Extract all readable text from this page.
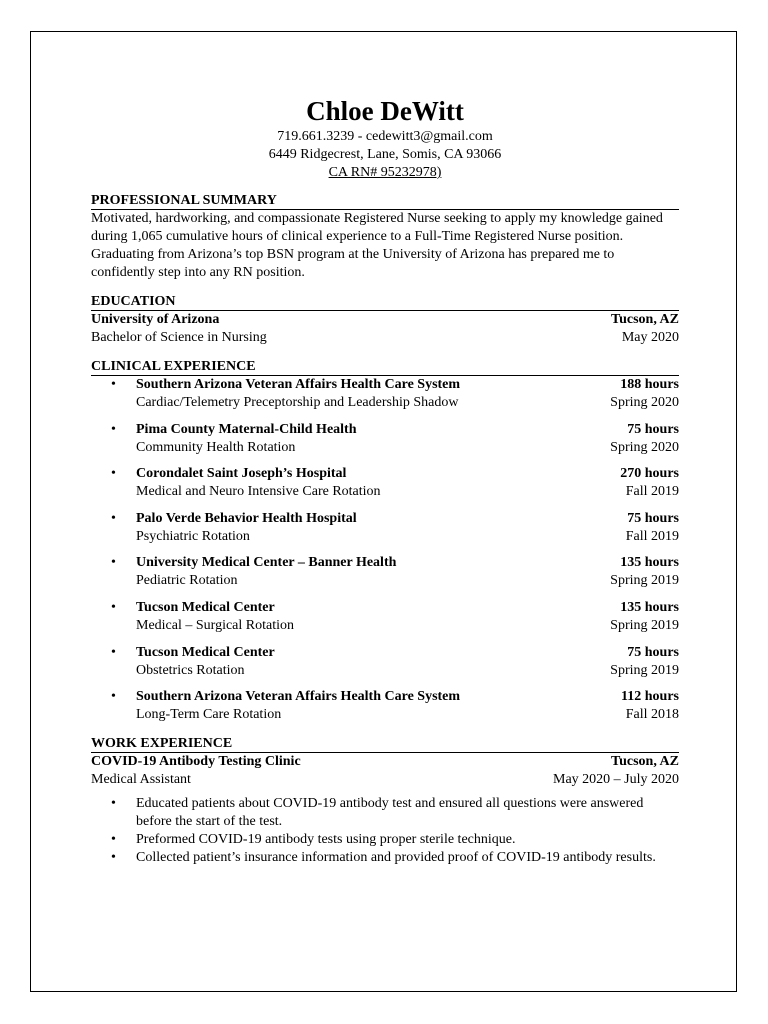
Chloe DeWitt
719.661.3239 - cedewitt3@gmail.com
6449 Ridgecrest, Lane, Somis, CA 93066
CA RN# 95232978)
PROFESSIONAL SUMMARY

Motivated, hardworking, and compassionate Registered Nurse seeking to apply my knowledge gained during 1,065 cumulative hours of clinical experience to a Full-Time Registered Nurse position. Graduating from Arizona’s top BSN program at the University of Arizona has prepared me to confidently step into any RN position.

EDUCATION
University of Arizona	Tucson, AZ
Bachelor of Science in Nursing	May 2020
CLINICAL EXPERIENCE
• Southern Arizona Veteran Affairs Health Care System	188 hours
Cardiac/Telemetry Preceptorship and Leadership Shadow	Spring 2020
• Pima County Maternal-Child Health	75 hours
Community Health Rotation	Spring 2020
• Corondalet Saint Joseph’s Hospital	270 hours
Medical and Neuro Intensive Care Rotation	Fall 2019
• Palo Verde Behavior Health Hospital	75 hours
Psychiatric Rotation	Fall 2019
• University Medical Center – Banner Health	135 hours
Pediatric Rotation	Spring 2019
• Tucson Medical Center	135 hours
Medical – Surgical Rotation	Spring 2019
• Tucson Medical Center	75 hours
Obstetrics Rotation	Spring 2019
• Southern Arizona Veteran Affairs Health Care System	112 hours
Long-Term Care Rotation	Fall 2018
WORK EXPERIENCE
COVID-19 Antibody Testing Clinic	Tucson, AZ
Medical Assistant	May 2020 – July 2020
• Educated patients about COVID-19 antibody test and ensured all questions were answered before the start of the test.
• Preformed COVID-19 antibody tests using proper sterile technique.
• Collected patient’s insurance information and provided proof of COVID-19 antibody results.
